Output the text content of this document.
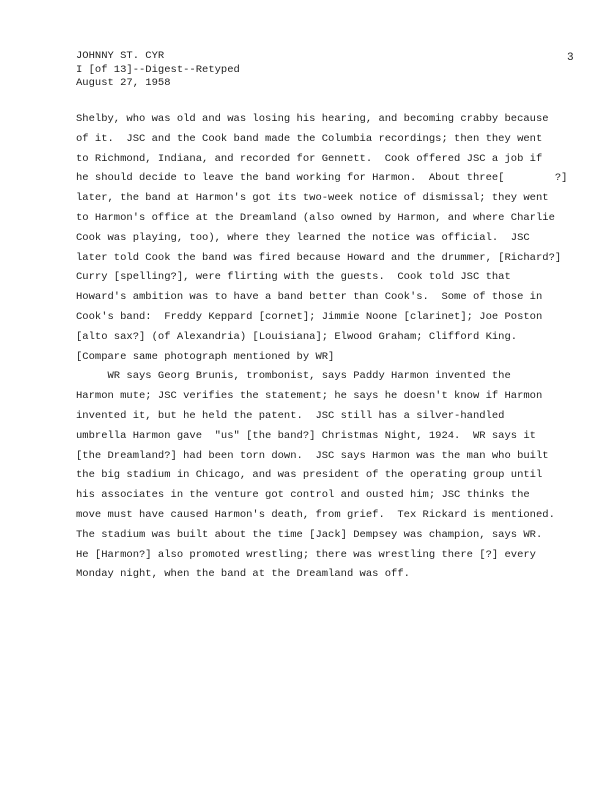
JOHNNY ST. CYR
I [of 13]--Digest--Retyped
August 27, 1958
3
Shelby, who was old and was losing his hearing, and becoming crabby because
of it.  JSC and the Cook band made the Columbia recordings; then they went
to Richmond, Indiana, and recorded for Gennett.  Cook offered JSC a job if
he should decide to leave the band working for Harmon.  About three[        ?]
later, the band at Harmon's got its two-week notice of dismissal; they went
to Harmon's office at the Dreamland (also owned by Harmon, and where Charlie
Cook was playing, too), where they learned the notice was official.  JSC
later told Cook the band was fired because Howard and the drummer, [Richard?]
Curry [spelling?], were flirting with the guests.  Cook told JSC that
Howard's ambition was to have a band better than Cook's.  Some of those in
Cook's band:  Freddy Keppard [cornet]; Jimmie Noone [clarinet]; Joe Poston
[alto sax?] (of Alexandria) [Louisiana]; Elwood Graham; Clifford King.
[Compare same photograph mentioned by WR]
WR says Georg Brunis, trombonist, says Paddy Harmon invented the
Harmon mute; JSC verifies the statement; he says he doesn't know if Harmon
invented it, but he held the patent.  JSC still has a silver-handled
umbrella Harmon gave  "us" [the band?] Christmas Night, 1924.  WR says it
[the Dreamland?] had been torn down.  JSC says Harmon was the man who built
the big stadium in Chicago, and was president of the operating group until
his associates in the venture got control and ousted him; JSC thinks the
move must have caused Harmon's death, from grief.  Tex Rickard is mentioned.
The stadium was built about the time [Jack] Dempsey was champion, says WR.
He [Harmon?] also promoted wrestling; there was wrestling there [?] every
Monday night, when the band at the Dreamland was off.
